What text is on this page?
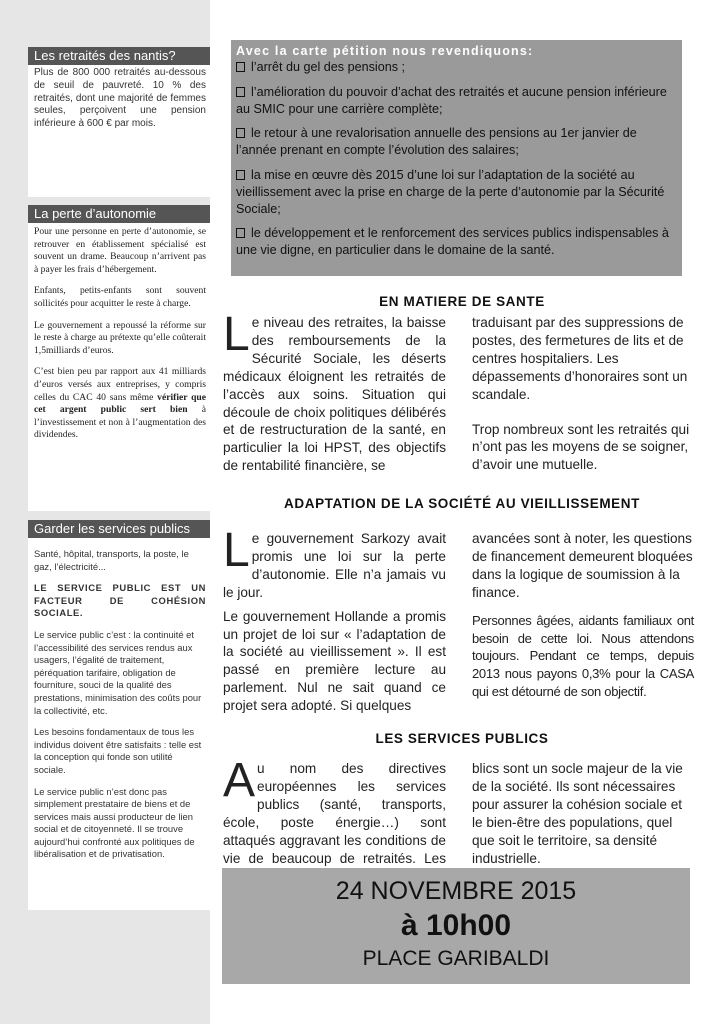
Les retraités des nantis?

Plus de 800 000 retraités au-dessous de seuil de pauvreté. 10 % des retraités, dont une majorité de femmes seules, perçoivent une pension inférieure à 600 € par mois.

La perte d’autonomie

Pour une personne en perte d’autonomie, se retrouver en établissement spécialisé est souvent un drame. Beaucoup n’arrivent pas à payer les frais d’hébergement.

Enfants, petits-enfants sont souvent sollicités pour acquitter le reste à charge.

Le gouvernement a repoussé la réforme sur le reste à charge au prétexte qu’elle coûterait 1,5milliards d’euros.

C’est bien peu par rapport aux 41 milliards d’euros versés aux entreprises, y compris celles du CAC 40 sans même vérifier que cet argent public sert bien à l’investissement et non à l’augmentation des dividendes.

Garder les services publics

Santé, hôpital, transports, la poste, le gaz, l’électricité...

LE SERVICE PUBLIC EST UN FACTEUR DE COHÉSION SOCIALE.

Le service public c’est : la continuité et l’accessibilité des services rendus aux usagers, l’égalité de traitement, péréquation tarifaire, obligation de fourniture, souci de la qualité des prestations, minimisation des coûts pour la collectivité, etc.

Les besoins fondamentaux de tous les individus doivent être satisfaits : telle est la conception qui fonde son utilité sociale.

Le service public n’est donc pas simplement prestataire de biens et de services mais aussi producteur de lien social et de citoyenneté. Il se trouve aujourd’hui confronté aux politiques de libéralisation et de privatisation.

Avec la carte pétition nous revendiquons:

l’arrêt du gel des pensions ;

l’amélioration du pouvoir d’achat des retraités et aucune pension inférieure au SMIC pour une carrière complète;

le retour à une revalorisation annuelle des pensions au 1er janvier de l’année prenant en compte l’évolution des salaires;

la mise en œuvre dès 2015 d’une loi sur l’adaptation de la société au vieillissement avec la prise en charge de la perte d’autonomie par la Sécurité Sociale;

le développement et le renforcement des services publics indispensables à une vie digne, en particulier dans le domaine de la santé.

EN MATIERE DE SANTE
Le niveau des retraites, la baisse des remboursements de la Sécurité Sociale, les déserts médicaux éloignent les retraités de l’accès aux soins. Situation qui découle de choix politiques délibérés et de restructuration de la santé, en particulier la loi HPST, des objectifs de rentabilité financière, se

traduisant par des suppressions de postes, des fermetures de lits et de centres hospitaliers. Les dépassements d’honoraires sont un scandale.

Trop nombreux sont les retraités qui n’ont pas les moyens de se soigner, d’avoir une mutuelle.

ADAPTATION DE LA SOCIÉTÉ AU VIEILLISSEMENT

Le gouvernement Sarkozy avait promis une loi sur la perte d’autonomie. Elle n’a jamais vu le jour.

Le gouvernement Hollande a promis un projet de loi sur « l’adaptation de la société au vieillissement ». Il est passé en première lecture au parlement. Nul ne sait quand ce projet sera adopté. Si quelques

avancées sont à noter, les questions de financement demeurent bloquées dans la logique de soumission à la finance.

Personnes âgées, aidants familiaux ont besoin de cette loi. Nous attendons toujours. Pendant ce temps, depuis 2013 nous payons 0,3% pour la CASA qui est détourné de son objectif.

LES SERVICES PUBLICS
Au nom des directives européennes les services publics (santé, transports, école, poste énergie…) sont attaqués aggravant les conditions de vie de beaucoup de retraités. Les

blics sont un socle majeur de la vie de la société. Ils sont nécessaires pour assurer la cohésion sociale et le bien-être des populations, quel que soit le territoire, sa densité industrielle.

24 NOVEMBRE 2015
à 10h00
PLACE GARIBALDI
